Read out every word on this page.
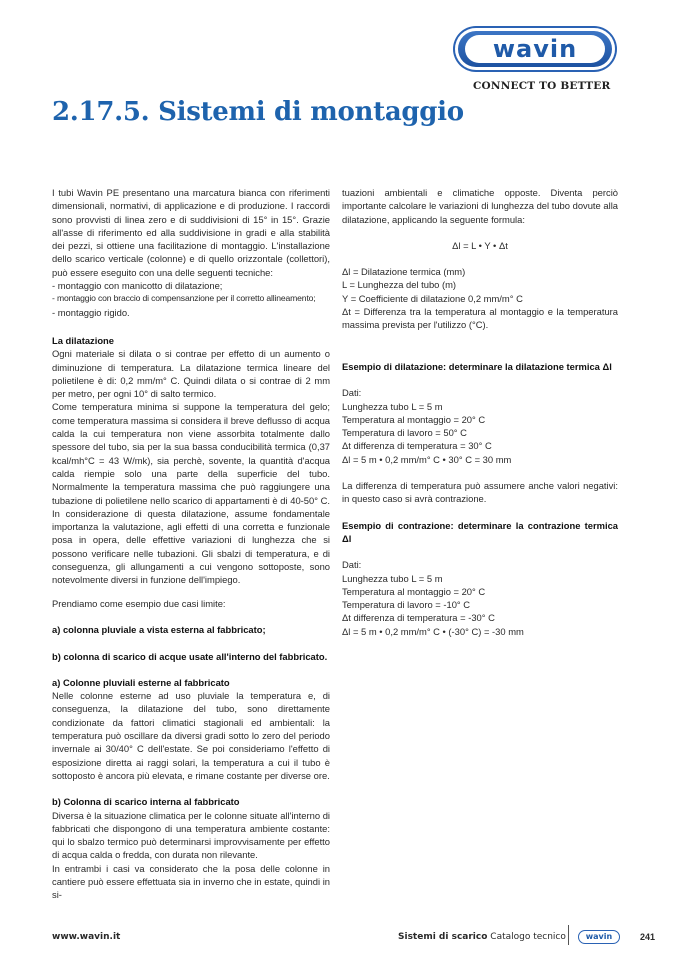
wavin
CONNECT TO BETTER
2.17.5. Sistemi di montaggio

I tubi Wavin PE presentano una marcatura bianca con riferimenti dimensionali, normativi, di applicazione e di produzione. I raccordi sono provvisti di linea zero e di suddivisioni di 15° in 15°. Grazie all'asse di riferimento ed alla suddivisione in gradi e alla stabilità dei pezzi, si ottiene una facilitazione di montaggio. L'installazione dello scarico verticale (colonne) e di quello orizzontale (collettori), può essere eseguito con una delle seguenti tecniche:

- montaggio con manicotto di dilatazione;

- montaggio con braccio di compensanzione per il corretto allineamento;

- montaggio rigido.

La dilatazione

Ogni materiale si dilata o si contrae per effetto di un aumento o diminuzione di temperatura. La dilatazione termica lineare del polietilene è di: 0,2 mm/m° C. Quindi dilata o si contrae di 2 mm per metro, per ogni 10° di salto termico.

Come temperatura minima si suppone la temperatura del gelo; come temperatura massima si considera il breve deflusso di acqua calda la cui temperatura non viene assorbita totalmente dallo spessore del tubo, sia per la sua bassa conducibilità termica (0,37 kcal/mh°C = 43 W/mk), sia perchè, sovente, la quantità d'acqua calda riempie solo una parte della superficie del tubo. Normalmente la temperatura massima che può raggiungere una tubazione di polietilene nello scarico di appartamenti è di 40-50° C. In considerazione di questa dilatazione, assume fondamentale importanza la valutazione, agli effetti di una corretta e funzionale posa in opera, delle effettive variazioni di lunghezza che si possono verificare nelle tubazioni. Gli sbalzi di temperatura, e di conseguenza, gli allungamenti a cui vengono sottoposte, sono notevolmente diversi in funzione dell'impiego.

Prendiamo come esempio due casi limite:

a) colonna pluviale a vista esterna al fabbricato;

b) colonna di scarico di acque usate all'interno del fabbricato.

a) Colonne pluviali esterne al fabbricato

Nelle colonne esterne ad uso pluviale la temperatura e, di conseguenza, la dilatazione del tubo, sono direttamente condizionate da fattori climatici stagionali ed ambientali: la temperatura può oscillare da diversi gradi sotto lo zero del periodo invernale ai 30/40° C dell'estate. Se poi consideriamo l'effetto di esposizione diretta ai raggi solari, la temperatura a cui il tubo è sottoposto è ancora più elevata, e rimane costante per diverse ore.

b) Colonna di scarico interna al fabbricato

Diversa è la situazione climatica per le colonne situate all'interno di fabbricati che dispongono di una temperatura ambiente costante: qui lo sbalzo termico può determinarsi improvvisamente per effetto di acqua calda o fredda, con durata non rilevante.

In entrambi i casi va considerato che la posa delle colonne in cantiere può essere effettuata sia in inverno che in estate, quindi in si-

tuazioni ambientali e climatiche opposte. Diventa perciò importante calcolare le variazioni di lunghezza del tubo dovute alla dilatazione, applicando la seguente formula:

Δl = L • Y • Δt

Δl = Dilatazione termica (mm)

L = Lunghezza del tubo (m)

Y = Coefficiente di dilatazione 0,2 mm/m° C

Δt = Differenza tra la temperatura al montaggio e la temperatura massima prevista per l'utilizzo (°C).

Esempio di dilatazione: determinare la dilatazione termica Δl

Dati:

Lunghezza tubo L = 5 m

Temperatura al montaggio = 20° C

Temperatura di lavoro = 50° C

Δt differenza di temperatura = 30° C

Δl = 5 m • 0,2 mm/m° C • 30° C = 30 mm

La differenza di temperatura può assumere anche valori negativi: in questo caso si avrà contrazione.

Esempio di contrazione: determinare la contrazione termica Δl

Dati:

Lunghezza tubo L = 5 m

Temperatura al montaggio = 20° C

Temperatura di lavoro = -10° C

Δt differenza di temperatura = -30° C

Δl = 5 m • 0,2 mm/m° C • (-30° C) = -30 mm

www.wavin.it	Sistemi di scarico Catalogo tecnico	wavin	241
